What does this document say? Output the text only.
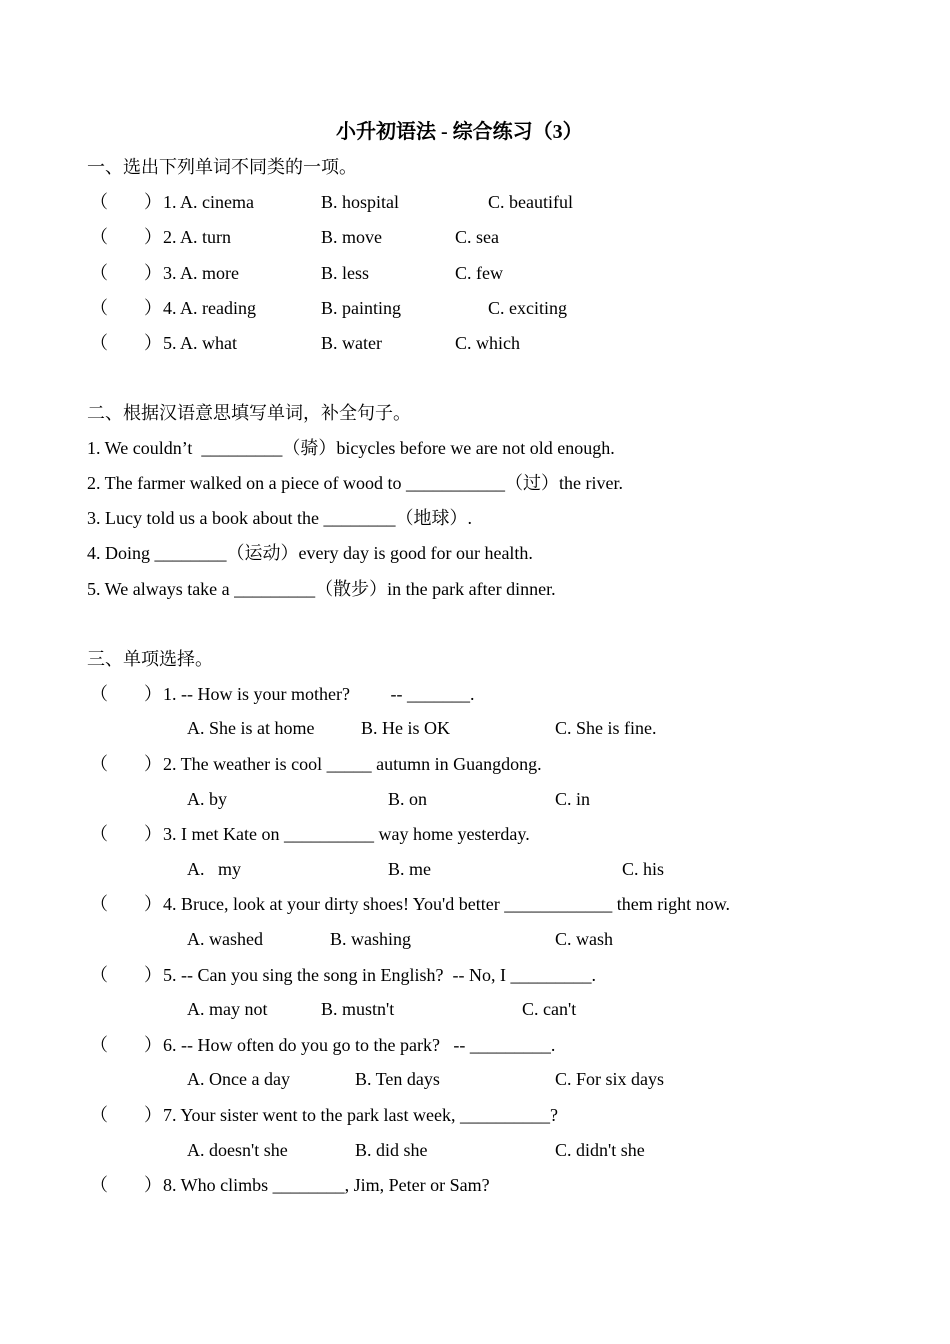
小升初语法 - 综合练习（3）
一、选出下列单词不同类的一项。
（        ） 1. A. cinema	B. hospital	C. beautiful
（        ） 2. A. turn	B. move	C. sea
（        ） 3. A. more	B. less	C. few
（        ） 4. A. reading	B. painting	C. exciting
（        ） 5. A. what	B. water	C. which
二、根据汉语意思填写单词，补全句子。
1. We couldn’t  _________（骑）bicycles before we are not old enough.
2. The farmer walked on a piece of wood to ___________（过）the river.
3. Lucy told us a book about the ________（地球）.
4. Doing ________（运动）every day is good for our health.
5. We always take a _________（散步）in the park after dinner.
三、单项选择。
（        ） 1. -- How is your mother?         -- _______.
A. She is at home	B. He is OK	C. She is fine.
（        ） 2. The weather is cool _____ autumn in Guangdong.
A. by	B. on	C. in
（        ） 3. I met Kate on __________ way home yesterday.
A.   my	B. me	C. his
（        ） 4. Bruce, look at your dirty shoes! You'd better ____________ them right now.
A. washed	B. washing	C. wash
（        ） 5. -- Can you sing the song in English?  -- No, I _________.
A. may not	B. mustn't	C. can't
（        ） 6. -- How often do you go to the park?   -- _________.
A. Once a day	B. Ten days	C. For six days
（        ） 7. Your sister went to the park last week, __________?
A. doesn't she	B. did she	C. didn't she
（        ） 8. Who climbs ________, Jim, Peter or Sam?
